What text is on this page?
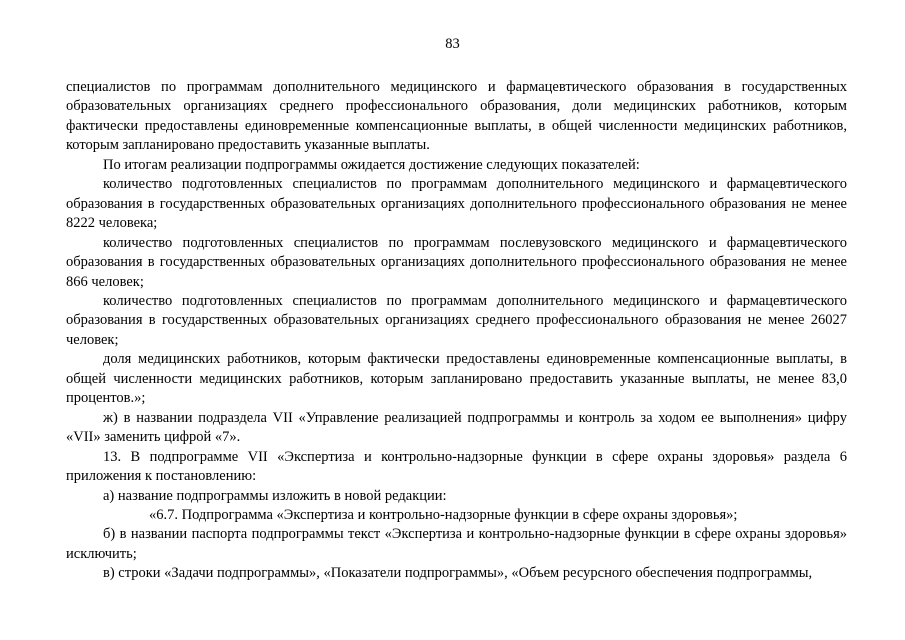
83

специалистов по программам дополнительного медицинского и фармацевтического образования в государственных образовательных организациях среднего профессионального образования, доли медицинских работников, которым фактически предоставлены единовременные компенсационные выплаты, в общей численности медицинских работников, которым запланировано предоставить указанные выплаты.

По итогам реализации подпрограммы ожидается достижение следующих показателей:

количество подготовленных специалистов по программам дополнительного медицинского и фармацевтического образования в государственных образовательных организациях дополнительного профессионального образования не менее 8222 человека;

количество подготовленных специалистов по программам послевузовского медицинского и фармацевтического образования в государственных образовательных организациях дополнительного профессионального образования не менее 866 человек;

количество подготовленных специалистов по программам дополнительного медицинского и фармацевтического образования в государственных образовательных организациях среднего профессионального образования не менее 26027 человек;

доля медицинских работников, которым фактически предоставлены единовременные компенсационные выплаты, в общей численности медицинских работников, которым запланировано предоставить указанные выплаты, не менее 83,0 процентов.»;

ж) в названии подраздела VII «Управление реализацией подпрограммы и контроль за ходом ее выполнения» цифру «VII» заменить цифрой «7».

13. В подпрограмме VII «Экспертиза и контрольно-надзорные функции в сфере охраны здоровья» раздела 6 приложения к постановлению:

а) название подпрограммы изложить в новой редакции:

«6.7. Подпрограмма «Экспертиза и контрольно-надзорные функции в сфере охраны здоровья»;

б) в названии паспорта подпрограммы текст «Экспертиза и контрольно-надзорные функции в сфере охраны здоровья» исключить;

в) строки «Задачи подпрограммы», «Показатели подпрограммы», «Объем ресурсного обеспечения подпрограммы,
